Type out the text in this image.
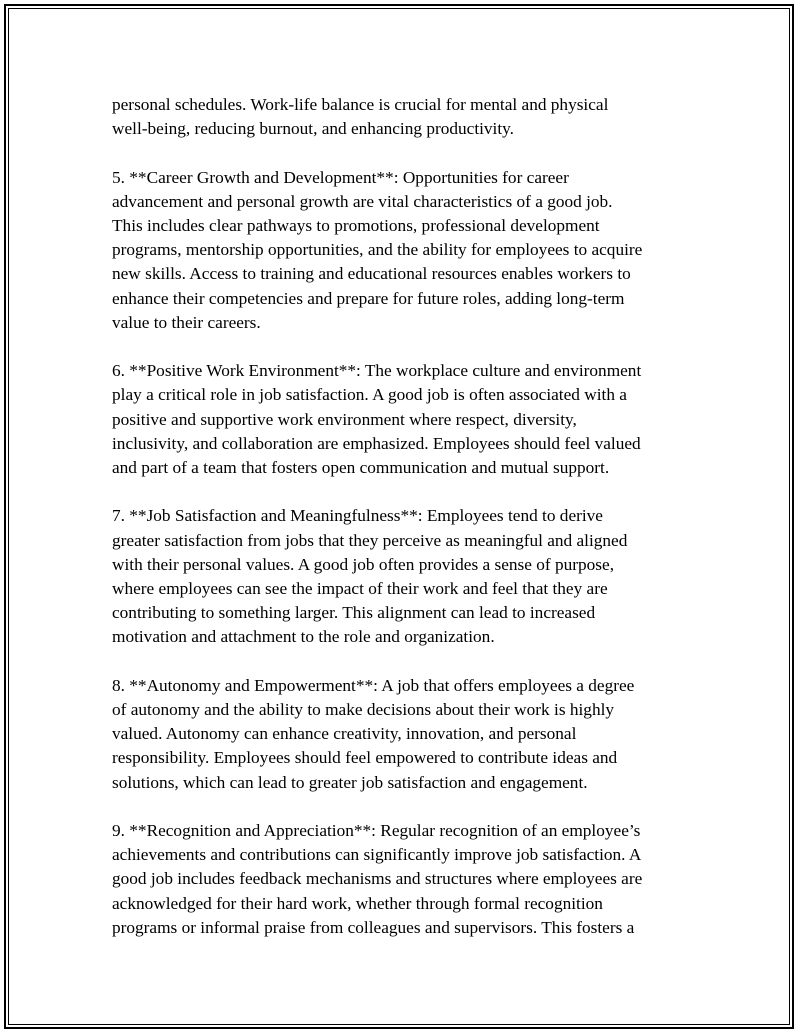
personal schedules. Work-life balance is crucial for mental and physical
well-being, reducing burnout, and enhancing productivity.

5. **Career Growth and Development**: Opportunities for career
advancement and personal growth are vital characteristics of a good job.
This includes clear pathways to promotions, professional development
programs, mentorship opportunities, and the ability for employees to acquire
new skills. Access to training and educational resources enables workers to
enhance their competencies and prepare for future roles, adding long-term
value to their careers.

6. **Positive Work Environment**: The workplace culture and environment
play a critical role in job satisfaction. A good job is often associated with a
positive and supportive work environment where respect, diversity,
inclusivity, and collaboration are emphasized. Employees should feel valued
and part of a team that fosters open communication and mutual support.

7. **Job Satisfaction and Meaningfulness**: Employees tend to derive
greater satisfaction from jobs that they perceive as meaningful and aligned
with their personal values. A good job often provides a sense of purpose,
where employees can see the impact of their work and feel that they are
contributing to something larger. This alignment can lead to increased
motivation and attachment to the role and organization.

8. **Autonomy and Empowerment**: A job that offers employees a degree
of autonomy and the ability to make decisions about their work is highly
valued. Autonomy can enhance creativity, innovation, and personal
responsibility. Employees should feel empowered to contribute ideas and
solutions, which can lead to greater job satisfaction and engagement.

9. **Recognition and Appreciation**: Regular recognition of an employee’s
achievements and contributions can significantly improve job satisfaction. A
good job includes feedback mechanisms and structures where employees are
acknowledged for their hard work, whether through formal recognition
programs or informal praise from colleagues and supervisors. This fosters a
